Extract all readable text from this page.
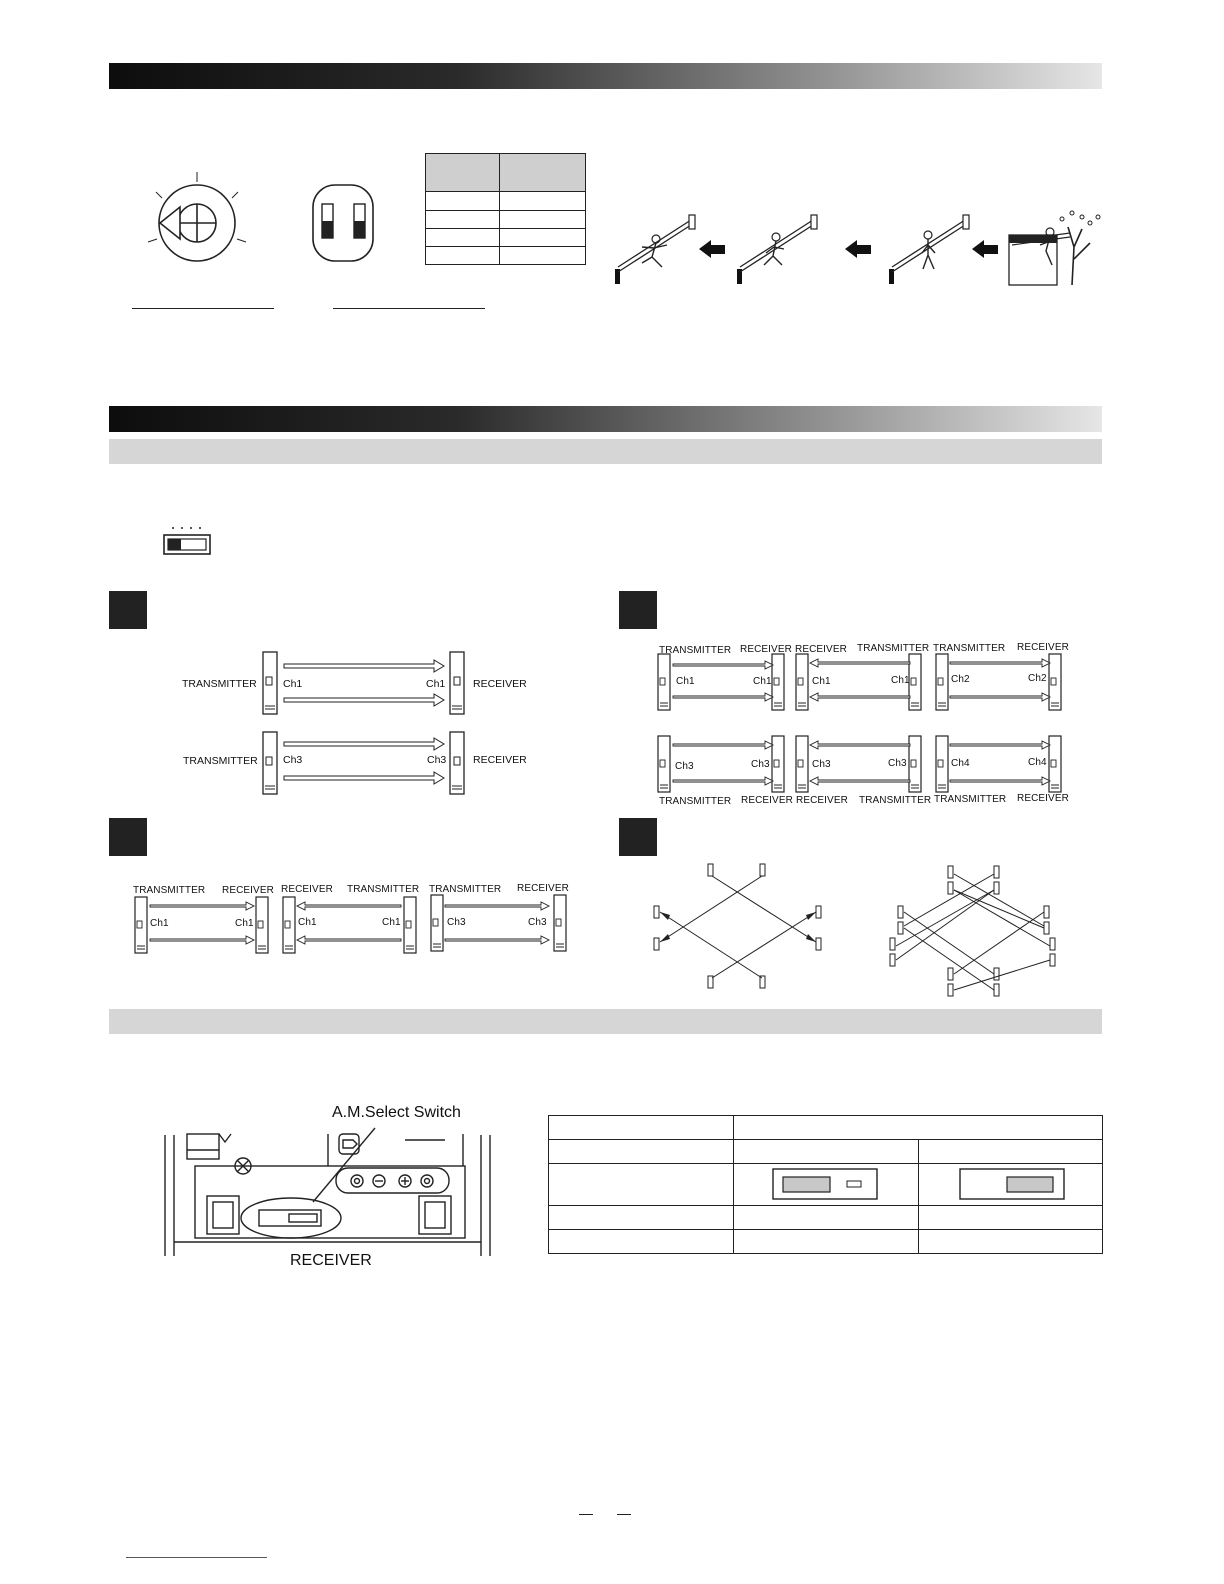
TRANSMITTER	Ch1	Ch1	RECEIVER
TRANSMITTER Ch3	Ch3	RECEIVER
TRANSMITTER RECEIVER RECEIVER TRANSMITTER TRANSMITTER RECEIVER
Ch1	Ch1	Ch1	Ch1	Ch2	Ch2
Ch3	Ch3	Ch3	Ch3	Ch4	Ch4
TRANSMITTER RECEIVER RECEIVER TRANSMITTER TRANSMITTER RECEIVER
TRANSMITTER RECEIVER RECEIVER TRANSMITTER TRANSMITTER RECEIVER
Ch1	Ch1	Ch1	Ch1	Ch3	Ch3
A.M.Select Switch
RECEIVER
